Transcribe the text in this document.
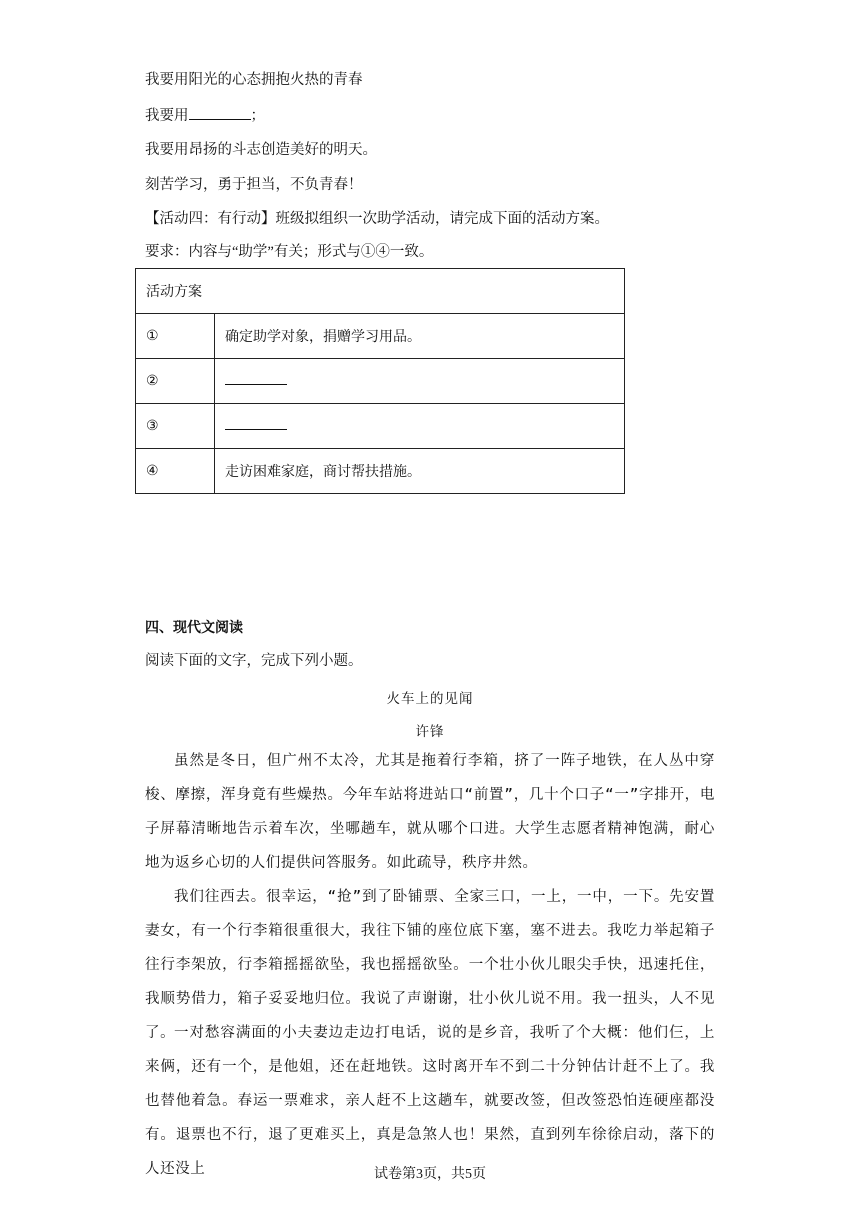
我要用阳光的心态拥抱火热的青春
我要用	；
我要用昂扬的斗志创造美好的明天。
刻苦学习，勇于担当，不负青春！
【活动四：有行动】班级拟组织一次助学活动，请完成下面的活动方案。
要求：内容与“助学”有关；形式与①④一致。
活动方案	
①	确定助学对象，捐赠学习用品。
②	
③	
④	走访困难家庭，商讨帮扶措施。
四、现代文阅读
阅读下面的文字，完成下列小题。
火车上的见闻
许锋
虽然是冬日，但广州不太冷，尤其是拖着行李箱，挤了一阵子地铁，在人丛中穿梭、摩擦，浑身竟有些燥热。今年车站将进站口“前置”，几十个口子“一”字排开，电子屏幕清晰地告示着车次，坐哪趟车，就从哪个口进。大学生志愿者精神饱满，耐心地为返乡心切的人们提供问答服务。如此疏导，秩序井然。
我们往西去。很幸运，“抢”到了卧铺票、全家三口，一上，一中，一下。先安置妻女，有一个行李箱很重很大，我往下铺的座位底下塞，塞不进去。我吃力举起箱子往行李架放，行李箱摇摇欲坠，我也摇摇欲坠。一个壮小伙儿眼尖手快，迅速托住，我顺势借力，箱子妥妥地归位。我说了声谢谢，壮小伙儿说不用。我一扭头，人不见了。
一对愁容满面的小夫妻边走边打电话，说的是乡音，我听了个大概：他们仨，上来俩，还有一个，是他姐，还在赶地铁。这时离开车不到二十分钟估计赶不上了。我也替他着急。春运一票难求，亲人赶不上这趟车，就要改签，但改签恐怕连硬座都没有。退票也不行，退了更难买上，真是急煞人也！果然，直到列车徐徐启动，落下的人还没上	试卷第3页，共5页
